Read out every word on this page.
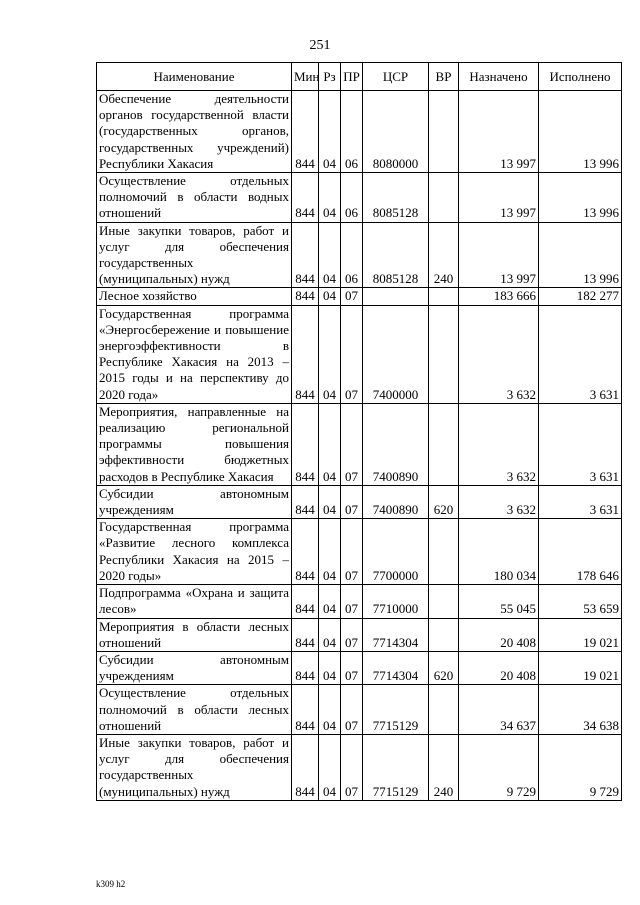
251
Наименование	Мин	Рз	ПР	ЦСР	ВР	Назначено	Исполнено
Обеспечение деятельности органов государственной власти (государственных органов, государственных учреждений) Республики Хакасия	844	04	06	8080000		13 997	13 996
Осуществление отдельных полномочий в области водных отношений	844	04	06	8085128		13 997	13 996
Иные закупки товаров, работ и услуг для обеспечения государственных (муниципальных) нужд	844	04	06	8085128	240	13 997	13 996
Лесное хозяйство	844	04	07			183 666	182 277
Государственная программа «Энергосбережение и повышение энергоэффективности в Республике Хакасия на 2013 – 2015 годы и на перспективу до 2020 года»	844	04	07	7400000		3 632	3 631
Мероприятия, направленные на реализацию региональной программы повышения эффективности бюджетных расходов в Республике Хакасия	844	04	07	7400890		3 632	3 631
Субсидии автономным учреждениям	844	04	07	7400890	620	3 632	3 631
Государственная программа «Развитие лесного комплекса Республики Хакасия на 2015 – 2020 годы»	844	04	07	7700000		180 034	178 646
Подпрограмма «Охрана и защита лесов»	844	04	07	7710000		55 045	53 659
Мероприятия в области лесных отношений	844	04	07	7714304		20 408	19 021
Субсидии автономным учреждениям	844	04	07	7714304	620	20 408	19 021
Осуществление отдельных полномочий в области лесных отношений	844	04	07	7715129		34 637	34 638
Иные закупки товаров, работ и услуг для обеспечения государственных (муниципальных) нужд	844	04	07	7715129	240	9 729	9 729
k309 h2
